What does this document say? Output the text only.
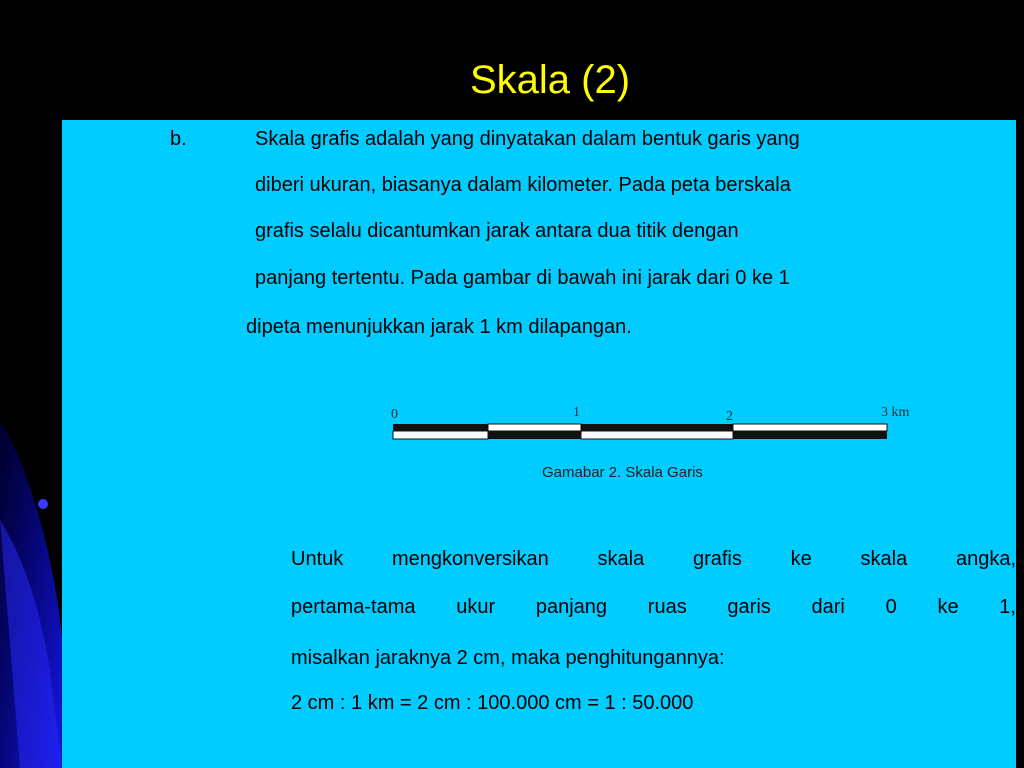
Skala (2)
b.	Skala grafis adalah yang dinyatakan dalam bentuk garis yang
diberi ukuran, biasanya dalam kilometer. Pada peta berskala
grafis selalu dicantumkan jarak antara dua titik dengan
panjang tertentu. Pada gambar di bawah ini jarak dari 0 ke 1
dipeta menunjukkan jarak 1 km dilapangan.
0	1	2	3 km
Gamabar 2. Skala Garis
Untuk mengkonversikan skala grafis ke skala angka,
pertama-tama ukur panjang ruas garis dari 0 ke 1,
misalkan jaraknya 2 cm, maka penghitungannya:
2 cm : 1 km = 2 cm : 100.000 cm = 1 : 50.000
